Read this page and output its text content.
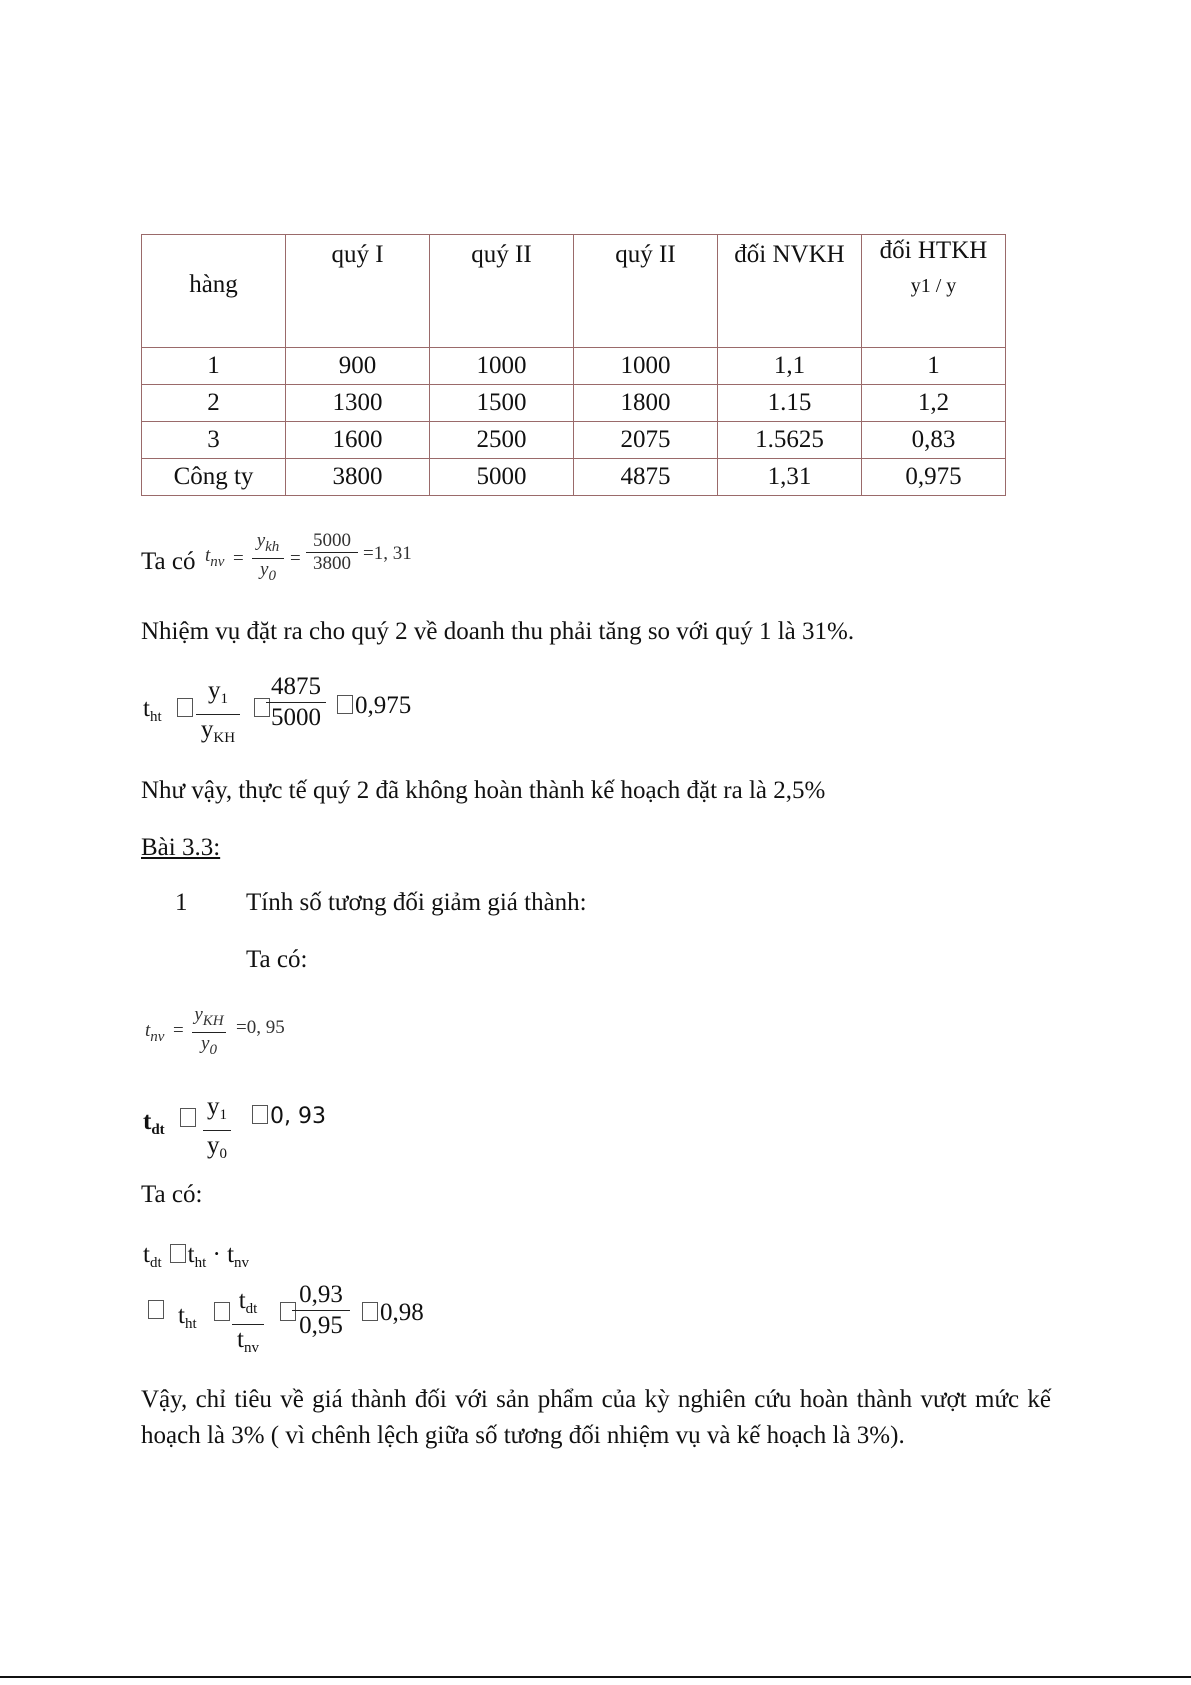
hàng	quý I	quý II	quý II	đối NVKH	đối HTKH
y1 / y

1	900	1000	1000	1,1	1
2	1300	1500	1800	1.15	1,2
3	1600	2500	2075	1.5625	0,83
Công ty	3800	5000	4875	1,31	0,975
Ta có $t_{nv}$ =
$y_{kh}$
$y_0$
=
5000
3800 =1, 31
Nhiệm vụ đặt ra cho quý 2 về doanh thu phải tăng so với quý 1 là 31%.
$t_{ht}$
$y_1$
$y_{KH}$
4875
5000	0,975
Như vậy, thực tế quý 2 đã không hoàn thành kế hoạch đặt ra là 2,5%
Bài 3.3:
1 Tính số tương đối giảm giá thành:
Ta có:
$t_{nv}$ =
$y_{KH}$
$y_0$
=0, 95
$t_{dt}$
$y_1$
$y_0$
0, 93
Ta có:
$t_{dt}$ $t_{ht} \cdot t_{nv}$
$t_{ht}$
$t_{dt}$
$t_{nv}$
0,93
0,95	0,98
Vậy, chỉ tiêu về giá thành đối với sản phẩm của kỳ nghiên cứu hoàn thành vượt mức kế hoạch là 3% ( vì chênh lệch giữa số tương đối nhiệm vụ và kế hoạch là 3%).
